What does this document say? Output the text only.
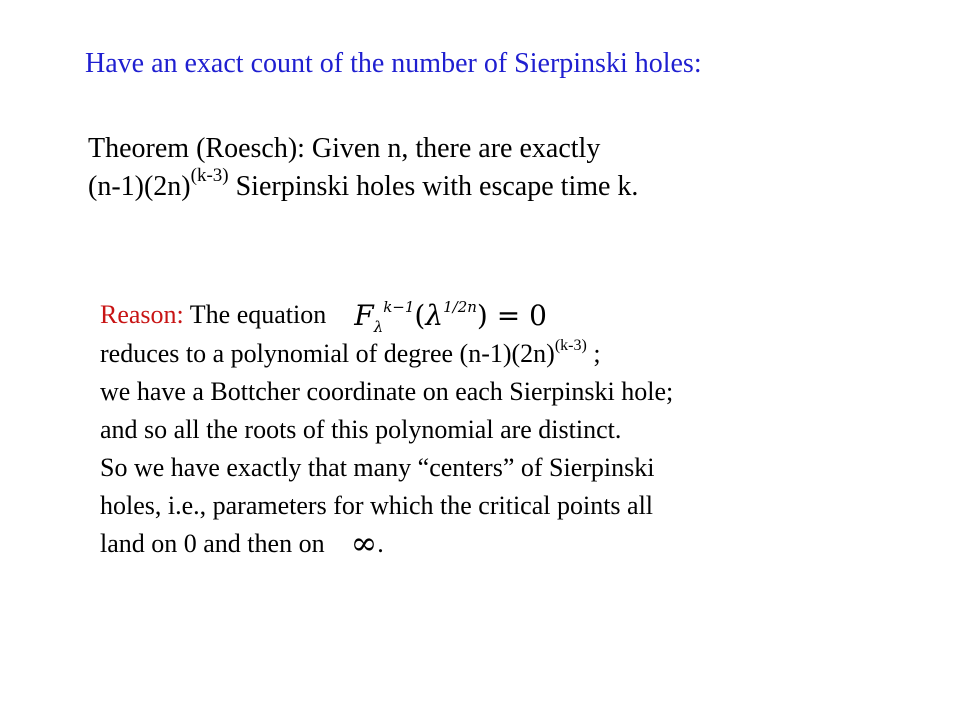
Have an exact count of the number of Sierpinski holes:
Theorem (Roesch): Given n, there are exactly
$(n-1)(2n)^{(k-3)}$ Sierpinski holes with escape time k.
Reason: The equation $F_\lambda^{k-1}(\lambda^{1/2n}) = 0$
reduces to a polynomial of degree $(n-1)(2n)^{(k-3)}$ ;
we have a Bottcher coordinate on each Sierpinski hole;
and so all the roots of this polynomial are distinct.
So we have exactly that many “centers” of Sierpinski
holes, i.e., parameters for which the critical points all
land on 0 and then on ∞.
